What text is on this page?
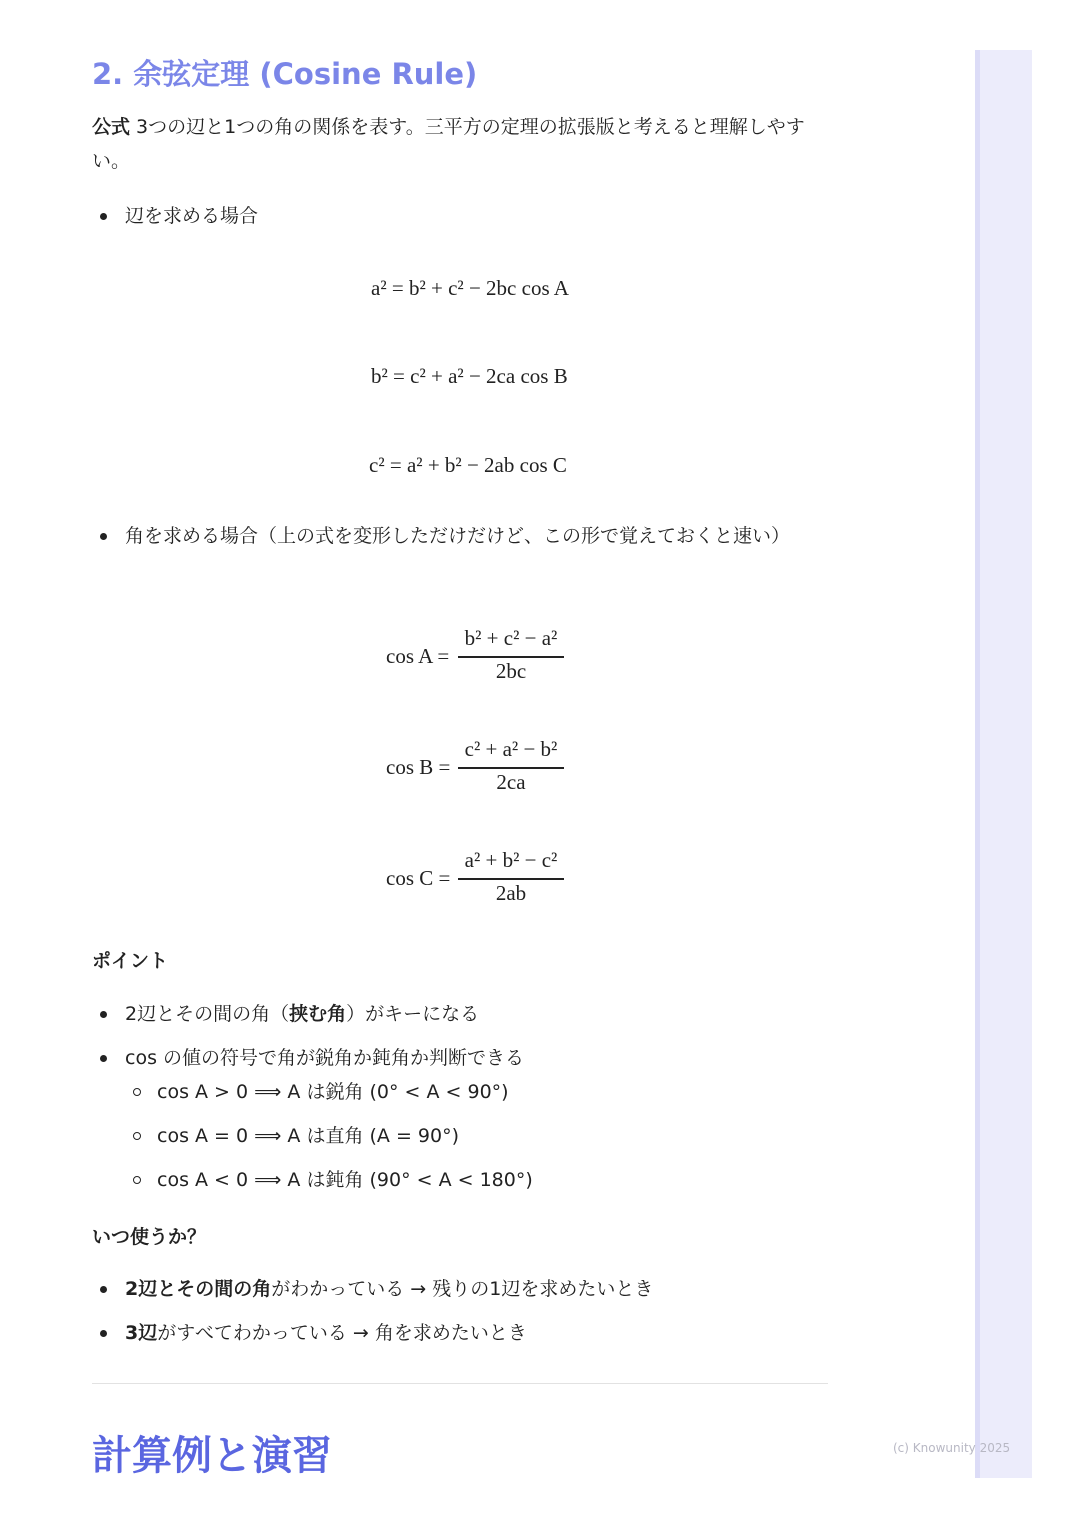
2. 余弦定理 (Cosine Rule)

公式 3つの辺と1つの角の関係を表す。三平方の定理の拡張版と考えると理解しやすい。

辺を求める場合
a² = b² + c² − 2bc cos A
b² = c² + a² − 2ca cos B
c² = a² + b² − 2ab cos C
角を求める場合（上の式を変形しただけだけど、この形で覚えておくと速い）
cos A =
b² + c² − a²
2bc
cos B =
c² + a² − b²
2ca
cos C =
a² + b² − c²
2ab
ポイント
2辺とその間の角（挟む角）がキーになる
cos の値の符号で角が鋭角か鈍角か判断できる
cos A > 0 ⟹ A は鋭角 (0° < A < 90°)
cos A = 0 ⟹ A は直角 (A = 90°)
cos A < 0 ⟹ A は鈍角 (90° < A < 180°)
いつ使うか？
2辺とその間の角がわかっている → 残りの1辺を求めたいとき
3辺がすべてわかっている → 角を求めたいとき
計算例と演習	(c) Knowunity 2025
